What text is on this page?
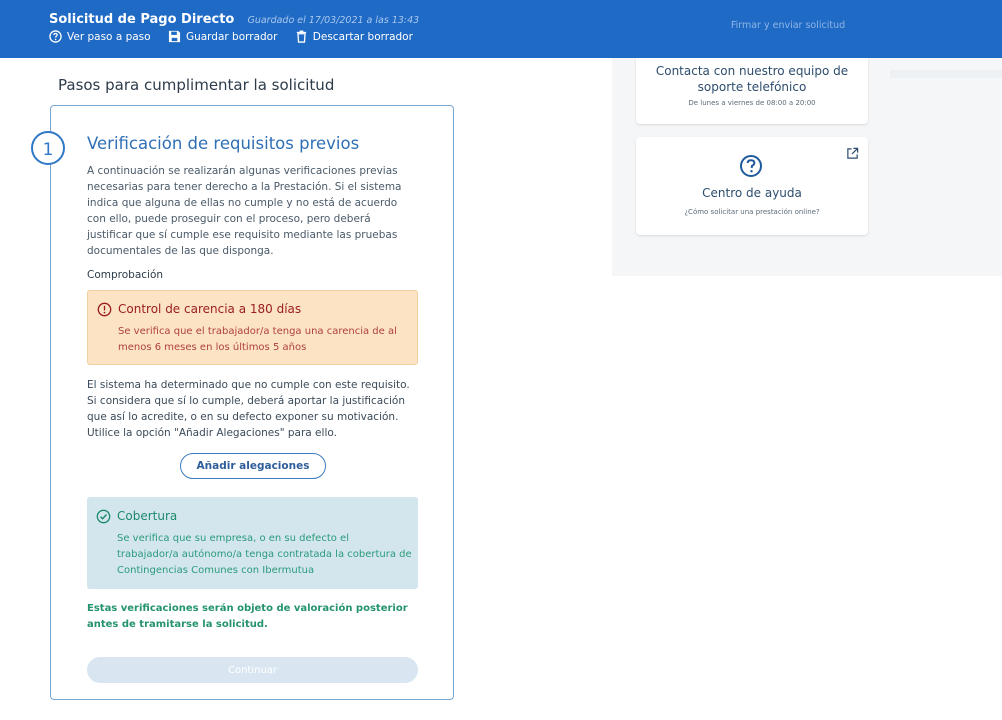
Solicitud de Pago Directo Guardado el 17/03/2021 a las 13:43
Ver paso a paso
	Guardar borrador
	Descartar borrador
Firmar y enviar solicitud
Pasos para cumplimentar la solicitud
1	Verificación de requisitos previos
A continuación se realizarán algunas verificaciones previas necesarias para tener derecho a la Prestación. Si el sistema indica que alguna de ellas no cumple y no está de acuerdo con ello, puede proseguir con el proceso, pero deberá justificar que sí cumple ese requisito mediante las pruebas documentales de las que disponga.
Comprobación
Control de carencia a 180 días
Se verifica que el trabajador/a tenga una carencia de al menos 6 meses en los últimos 5 años
El sistema ha determinado que no cumple con este requisito. Si considera que sí lo cumple, deberá aportar la justificación que así lo acredite, o en su defecto exponer su motivación. Utilice la opción "Añadir Alegaciones" para ello.
Añadir alegaciones
Cobertura
Se verifica que su empresa, o en su defecto el trabajador/a autónomo/a tenga contratada la cobertura de Contingencias Comunes con Ibermutua
Estas verificaciones serán objeto de valoración posterior antes de tramitarse la solicitud.
Continuar
Contacta con nuestro equipo de soporte telefónico
De lunes a viernes de 08:00 a 20:00
Centro de ayuda
¿Cómo solicitar una prestación online?
